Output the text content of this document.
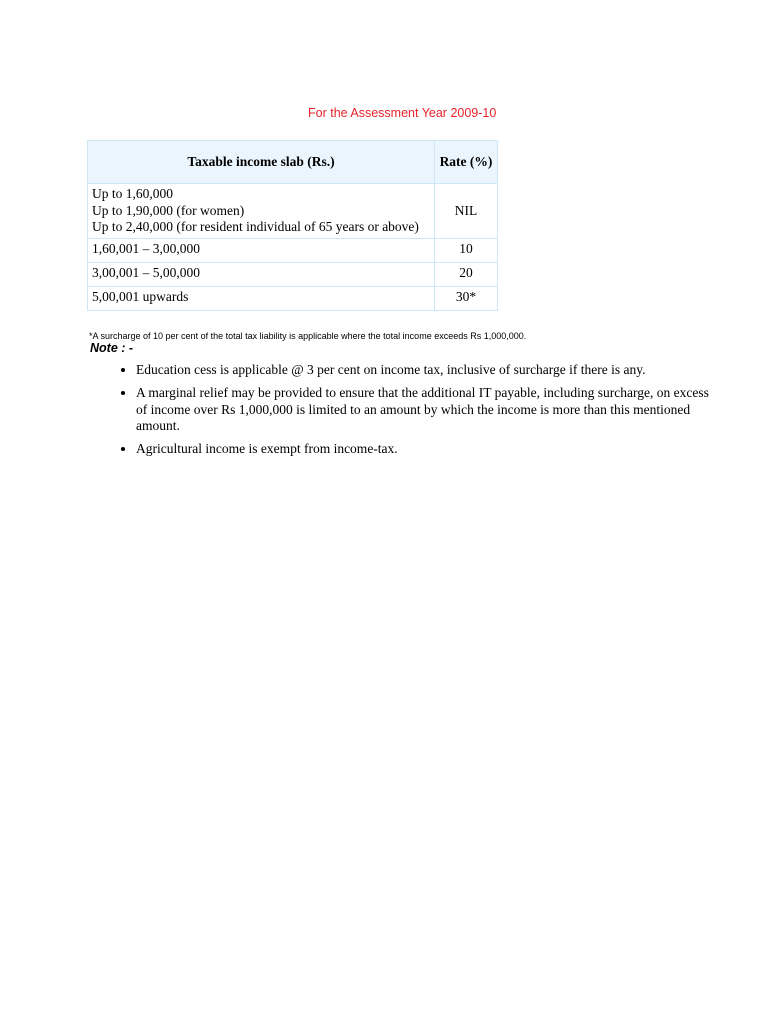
For the Assessment Year 2009-10
Taxable income slab (Rs.)	Rate (%)

Up to 1,60,000
Up to 1,90,000 (for women)
Up to 2,40,000 (for resident individual of 65 years or above)	NIL
1,60,001 – 3,00,000	10
3,00,001 – 5,00,000	20
5,00,001 upwards	30*
*A surcharge of 10 per cent of the total tax liability is applicable where the total income exceeds Rs 1,000,000.
Note : -
• Education cess is applicable @ 3 per cent on income tax, inclusive of surcharge if there is any.
• A marginal relief may be provided to ensure that the additional IT payable, including surcharge, on excess of income over Rs 1,000,000 is limited to an amount by which the income is more than this mentioned amount.
• Agricultural income is exempt from income-tax.
